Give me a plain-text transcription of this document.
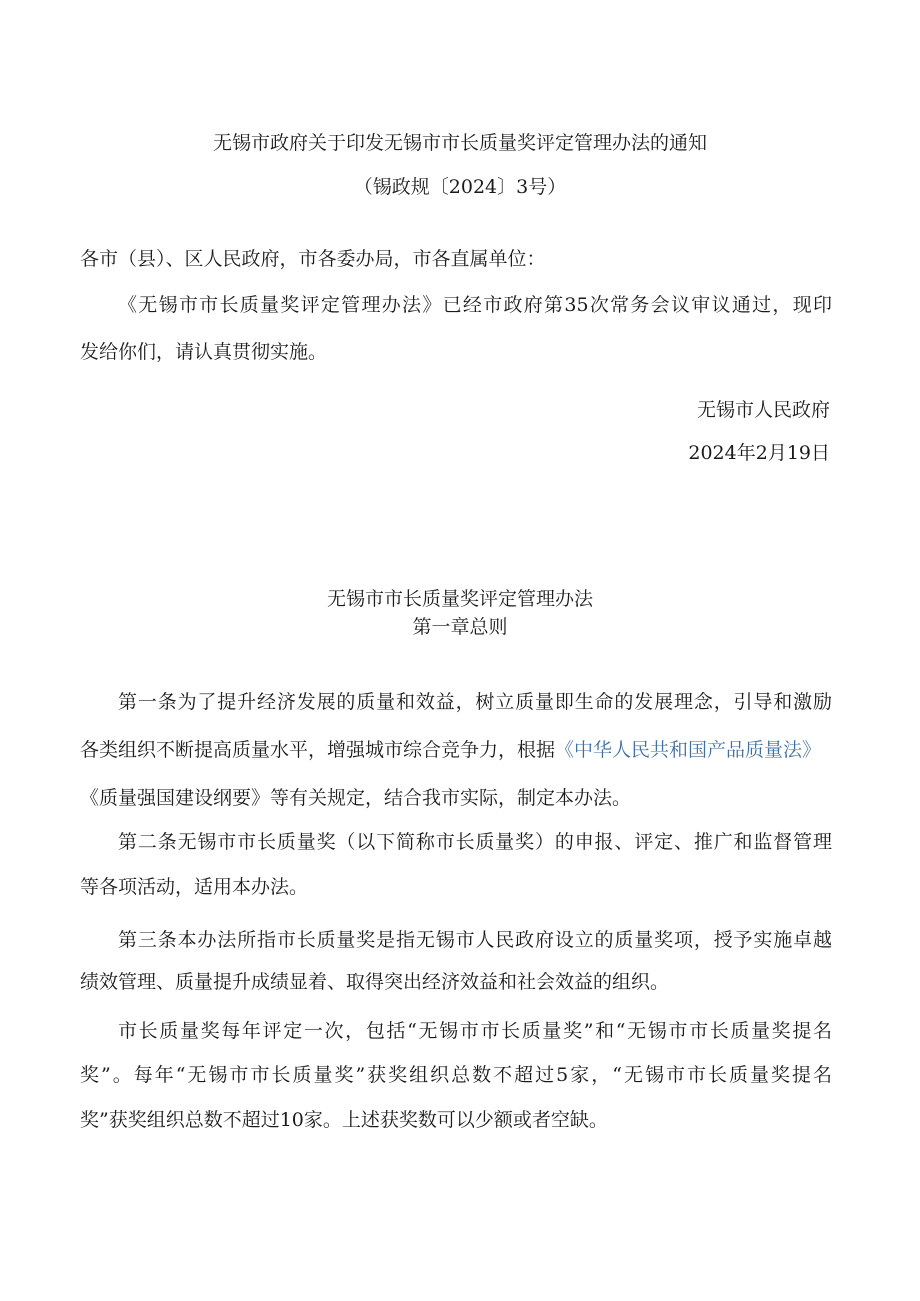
无锡市政府关于印发无锡市市长质量奖评定管理办法的通知
（锡政规〔2024〕3号）
各市（县）、区人民政府，市各委办局，市各直属单位：
《无锡市市长质量奖评定管理办法》已经市政府第35次常务会议审议通过，现印
发给你们，请认真贯彻实施。
无锡市人民政府
2024年2月19日
无锡市市长质量奖评定管理办法
第一章总则
第一条为了提升经济发展的质量和效益，树立质量即生命的发展理念，引导和激励
各类组织不断提高质量水平，增强城市综合竞争力，根据《中华人民共和国产品质量法》
《质量强国建设纲要》等有关规定，结合我市实际，制定本办法。
第二条无锡市市长质量奖（以下简称市长质量奖）的申报、评定、推广和监督管理
等各项活动，适用本办法。
第三条本办法所指市长质量奖是指无锡市人民政府设立的质量奖项，授予实施卓越
绩效管理、质量提升成绩显着、取得突出经济效益和社会效益的组织。
市长质量奖每年评定一次，包括“无锡市市长质量奖”和“无锡市市长质量奖提名
奖”。每年“无锡市市长质量奖”获奖组织总数不超过5家，“无锡市市长质量奖提名
奖”获奖组织总数不超过10家。上述获奖数可以少额或者空缺。
